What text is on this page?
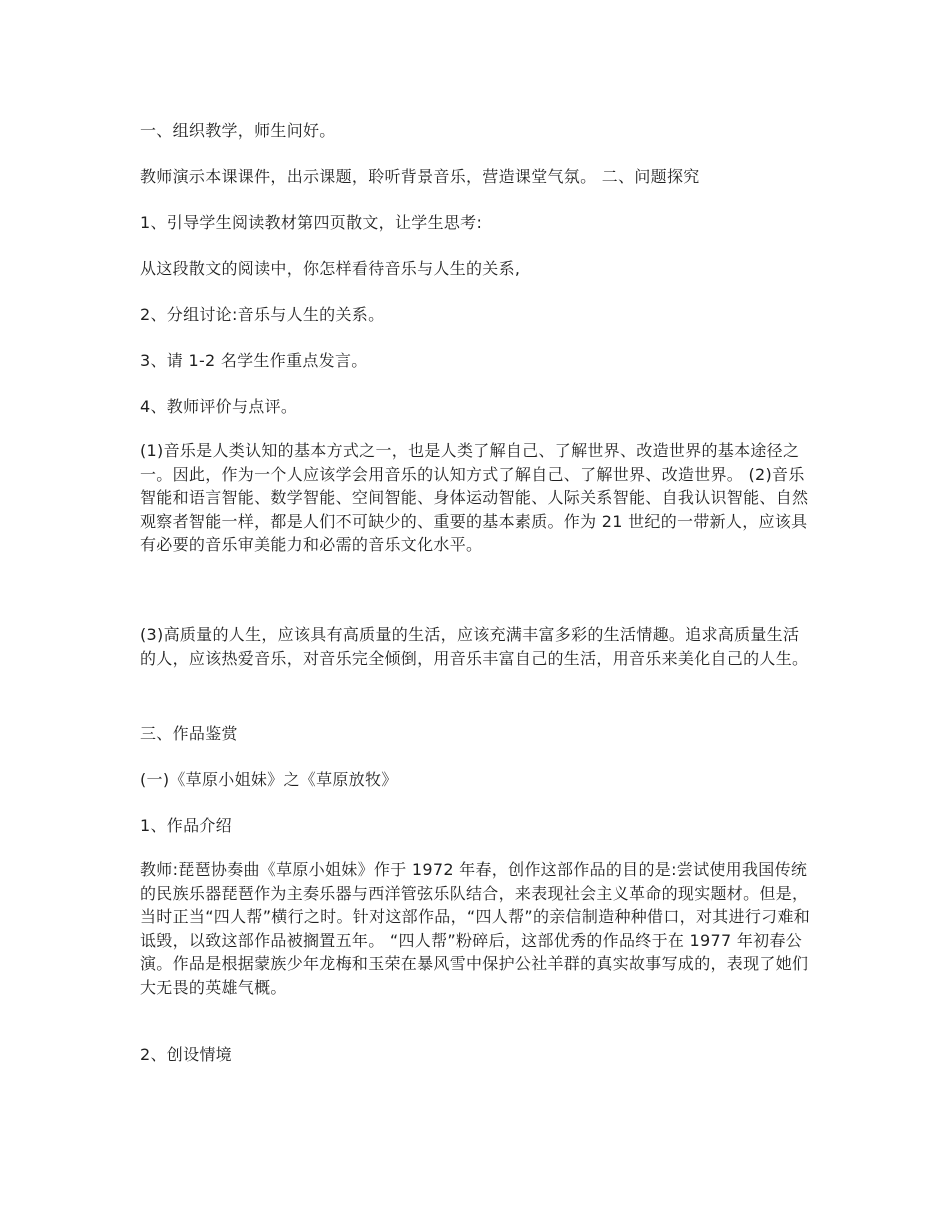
一、组织教学，师生问好。

教师演示本课课件，出示课题，聆听背景音乐，营造课堂气氛。 二、问题探究

1、引导学生阅读教材第四页散文，让学生思考:

从这段散文的阅读中，你怎样看待音乐与人生的关系,

2、分组讨论:音乐与人生的关系。

3、请 1-2 名学生作重点发言。

4、教师评价与点评。

(1)音乐是人类认知的基本方式之一，也是人类了解自己、了解世界、改造世界的基本途径之一。因此，作为一个人应该学会用音乐的认知方式了解自己、了解世界、改造世界。 (2)音乐智能和语言智能、数学智能、空间智能、身体运动智能、人际关系智能、自我认识智能、自然观察者智能一样，都是人们不可缺少的、重要的基本素质。作为 21 世纪的一带新人，应该具有必要的音乐审美能力和必需的音乐文化水平。

(3)高质量的人生，应该具有高质量的生活，应该充满丰富多彩的生活情趣。追求高质量生活的人，应该热爱音乐，对音乐完全倾倒，用音乐丰富自己的生活，用音乐来美化自己的人生。

三、作品鉴赏

(一)《草原小姐妹》之《草原放牧》

1、作品介绍

教师:琵琶协奏曲《草原小姐妹》作于 1972 年春，创作这部作品的目的是:尝试使用我国传统的民族乐器琵琶作为主奏乐器与西洋管弦乐队结合，来表现社会主义革命的现实题材。但是，当时正当“四人帮”横行之时。针对这部作品，“四人帮”的亲信制造种种借口，对其进行刁难和诋毁，以致这部作品被搁置五年。 “四人帮”粉碎后，这部优秀的作品终于在 1977 年初春公演。作品是根据蒙族少年龙梅和玉荣在暴风雪中保护公社羊群的真实故事写成的，表现了她们大无畏的英雄气概。

2、创设情境
